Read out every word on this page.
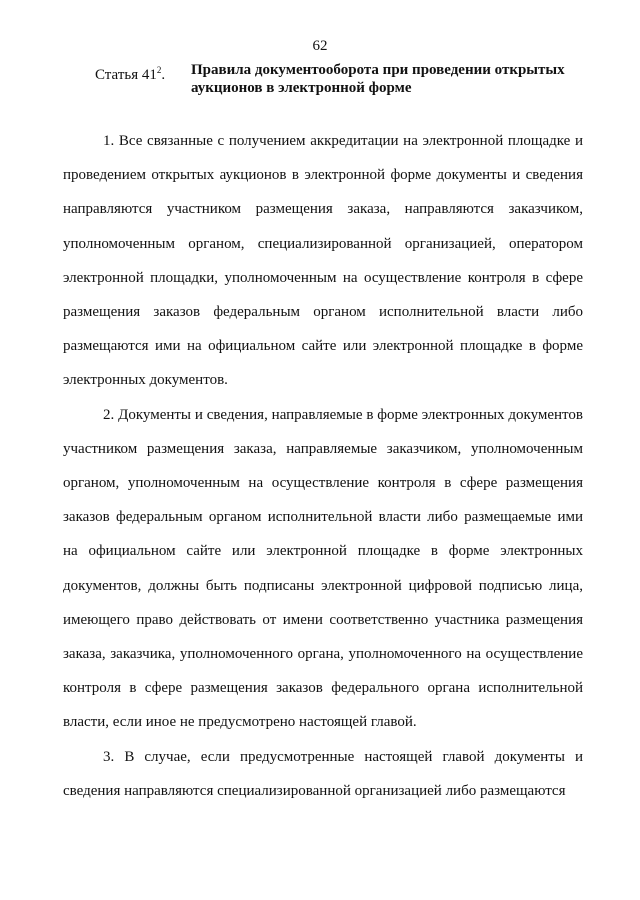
62
Статья $41^2$.	Правила документооборота при проведении открытых аукционов в электронной форме

1. Все связанные с получением аккредитации на электронной площадке и проведением открытых аукционов в электронной форме документы и сведения направляются участником размещения заказа, направляются заказчиком, уполномоченным органом, специализированной организацией, оператором электронной площадки, уполномоченным на осуществление контроля в сфере размещения заказов федеральным органом исполнительной власти либо размещаются ими на официальном сайте или электронной площадке в форме электронных документов.

2. Документы и сведения, направляемые в форме электронных документов участником размещения заказа, направляемые заказчиком, уполномоченным органом, уполномоченным на осуществление контроля в сфере размещения заказов федеральным органом исполнительной власти либо размещаемые ими на официальном сайте или электронной площадке в форме электронных документов, должны быть подписаны электронной цифровой подписью лица, имеющего право действовать от имени соответственно участника размещения заказа, заказчика, уполномоченного органа, уполномоченного на осуществление контроля в сфере размещения заказов федерального органа исполнительной власти, если иное не предусмотрено настоящей главой.

3. В случае, если предусмотренные настоящей главой документы и сведения направляются специализированной организацией либо размещаются
